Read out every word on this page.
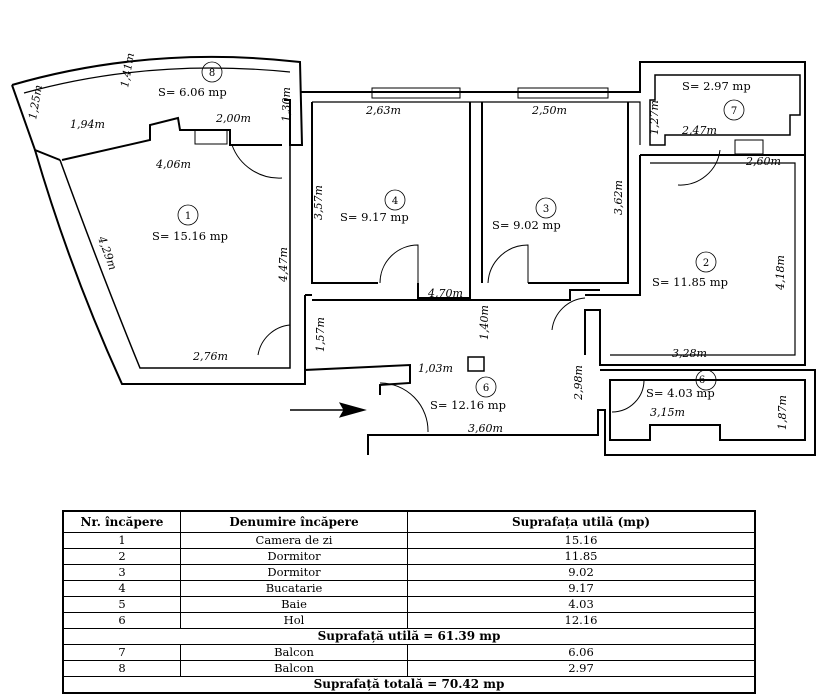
1
S= 15.16 mp
2
S= 11.85 mp
3
S= 9.02 mp
4
S= 9.17 mp
6
S= 12.16 mp
6
S= 4.03 mp
7
S= 2.97 mp
8
S= 6.06 mp
1,41m
1,25m
1,94m	2,00m	1,30m
4,06m
4,29m	4,47m
2,76m
1,57m
1,03m
2,63m
3,57m
2,50m
3,62m
4,70m
1,40m
2,98m
3,60m
1,27m 2,47m
2,60m
4,18m
3,28m
3,15m	1,87m
Nr. încăpere	Denumire încăpere	Suprafața utilă (mp)
1	Camera de zi	15.16
2	Dormitor	11.85
3	Dormitor	9.02
4	Bucatarie	9.17
5	Baie	4.03
6	Hol	12.16
Suprafață utilă = 61.39 mp		
7	Balcon	6.06
8	Balcon	2.97
Suprafață totală = 70.42 mp		
